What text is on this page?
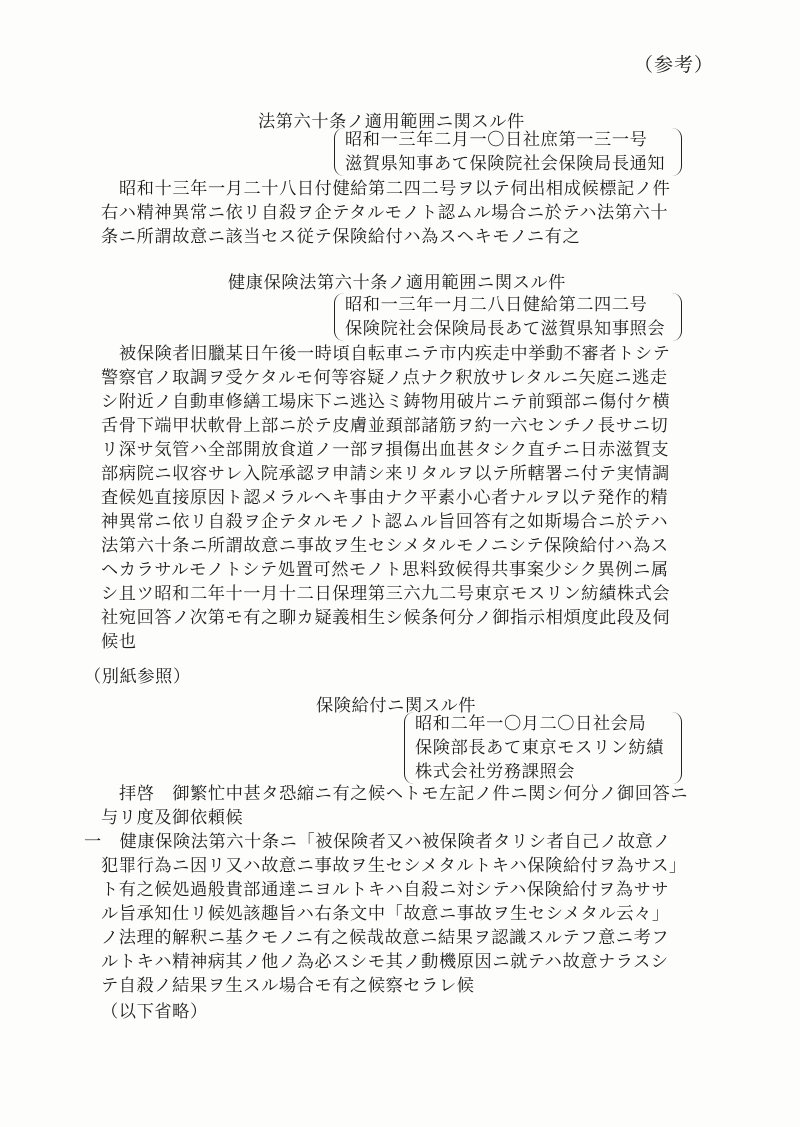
（参考）
法第六十条ノ適用範囲ニ関スル件
昭和一三年二月一〇日社庶第一三一号
滋賀県知事あて保険院社会保険局長通知
昭和十三年一月二十八日付健給第二四二号ヲ以テ伺出相成候標記ノ件
右ハ精神異常ニ依リ自殺ヲ企テタルモノト認ムル場合ニ於テハ法第六十
条ニ所謂故意ニ該当セス従テ保険給付ハ為スヘキモノニ有之
健康保険法第六十条ノ適用範囲ニ関スル件
昭和一三年一月二八日健給第二四二号
保険院社会保険局長あて滋賀県知事照会
被保険者旧臘某日午後一時頃自転車ニテ市内疾走中挙動不審者トシテ
警察官ノ取調ヲ受ケタルモ何等容疑ノ点ナク釈放サレタルニ矢庭ニ逃走
シ附近ノ自動車修繕工場床下ニ逃込ミ鋳物用破片ニテ前頸部ニ傷付ケ横
舌骨下端甲状軟骨上部ニ於テ皮膚並頚部諸筋ヲ約一六センチノ長サニ切
リ深サ気管ハ全部開放食道ノ一部ヲ損傷出血甚タシク直チニ日赤滋賀支
部病院ニ収容サレ入院承認ヲ申請シ来リタルヲ以テ所轄署ニ付テ実情調
査候処直接原因ト認メラルヘキ事由ナク平素小心者ナルヲ以テ発作的精
神異常ニ依リ自殺ヲ企テタルモノト認ムル旨回答有之如斯場合ニ於テハ
法第六十条ニ所謂故意ニ事故ヲ生セシメタルモノニシテ保険給付ハ為ス
ヘカラサルモノトシテ処置可然モノト思料致候得共事案少シク異例ニ属
シ且ツ昭和二年十一月十二日保理第三六九二号東京モスリン紡績株式会
社宛回答ノ次第モ有之聊カ疑義相生シ候条何分ノ御指示相煩度此段及伺
候也
（別紙参照）
保険給付ニ関スル件
昭和二年一〇月二〇日社会局
保険部長あて東京モスリン紡績
株式会社労務課照会
拝啓　御繁忙中甚タ恐縮ニ有之候ヘトモ左記ノ件ニ関シ何分ノ御回答ニ
与リ度及御依頼候
一　健康保険法第六十条ニ「被保険者又ハ被保険者タリシ者自己ノ故意ノ
犯罪行為ニ因リ又ハ故意ニ事故ヲ生セシメタルトキハ保険給付ヲ為サス」
ト有之候処過般貴部通達ニヨルトキハ自殺ニ対シテハ保険給付ヲ為ササ
ル旨承知仕リ候処該趣旨ハ右条文中「故意ニ事故ヲ生セシメタル云々」
ノ法理的解釈ニ基クモノニ有之候哉故意ニ結果ヲ認識スルテフ意ニ考フ
ルトキハ精神病其ノ他ノ為必スシモ其ノ動機原因ニ就テハ故意ナラスシ
テ自殺ノ結果ヲ生スル場合モ有之候察セラレ候
（以下省略）
